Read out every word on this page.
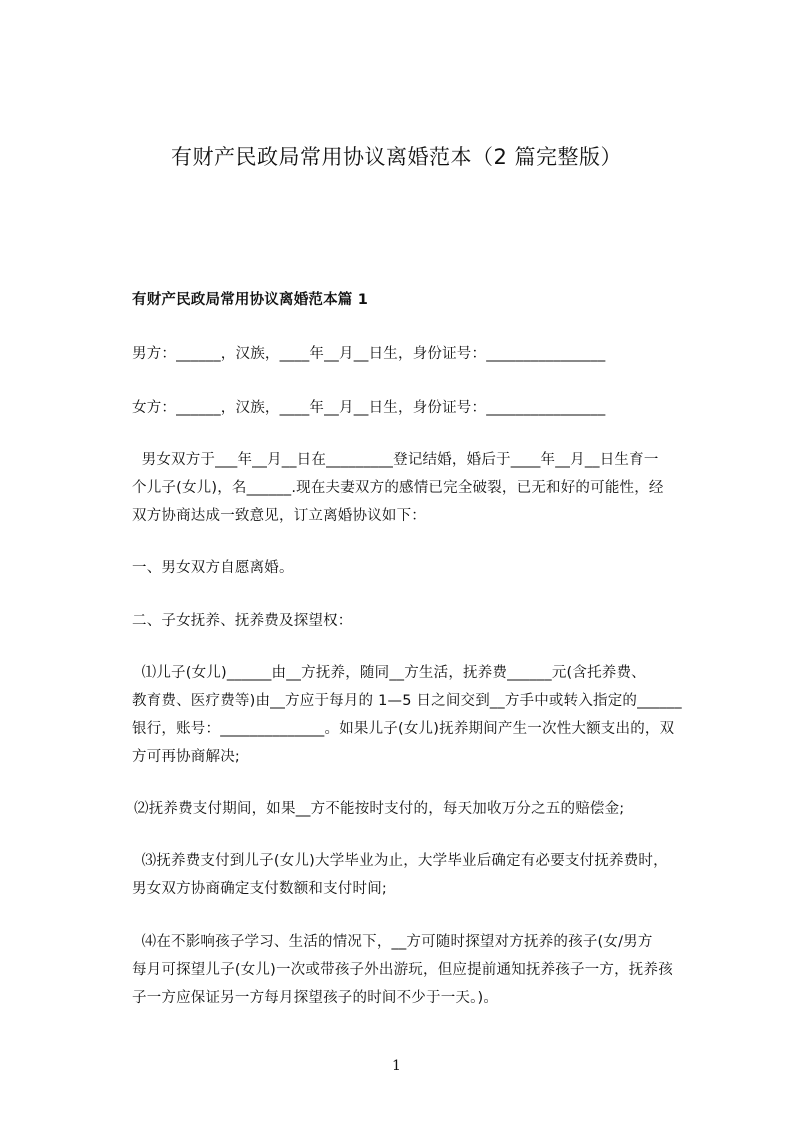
有财产民政局常用协议离婚范本（2 篇完整版）
有财产民政局常用协议离婚范本篇 1
男方：______，汉族，____年__月__日生，身份证号：________________
女方：______，汉族，____年__月__日生，身份证号：________________
男女双方于___年__月__日在_________登记结婚，婚后于____年__月__日生育一
个儿子(女儿)，名______.现在夫妻双方的感情已完全破裂，已无和好的可能性，经
双方协商达成一致意见，订立离婚协议如下：
一、男女双方自愿离婚。
二、子女抚养、抚养费及探望权：
⑴儿子(女儿)______由__方抚养，随同__方生活，抚养费______元(含托养费、
教育费、医疗费等)由__方应于每月的 1—5 日之间交到__方手中或转入指定的______
银行，账号：______________。如果儿子(女儿)抚养期间产生一次性大额支出的，双
方可再协商解决;
⑵抚养费支付期间，如果__方不能按时支付的，每天加收万分之五的赔偿金;
⑶抚养费支付到儿子(女儿)大学毕业为止，大学毕业后确定有必要支付抚养费时，
男女双方协商确定支付数额和支付时间;
⑷在不影响孩子学习、生活的情况下，__方可随时探望对方抚养的孩子(女/男方
每月可探望儿子(女儿)一次或带孩子外出游玩，但应提前通知抚养孩子一方，抚养孩
子一方应保证另一方每月探望孩子的时间不少于一天。)。
1
